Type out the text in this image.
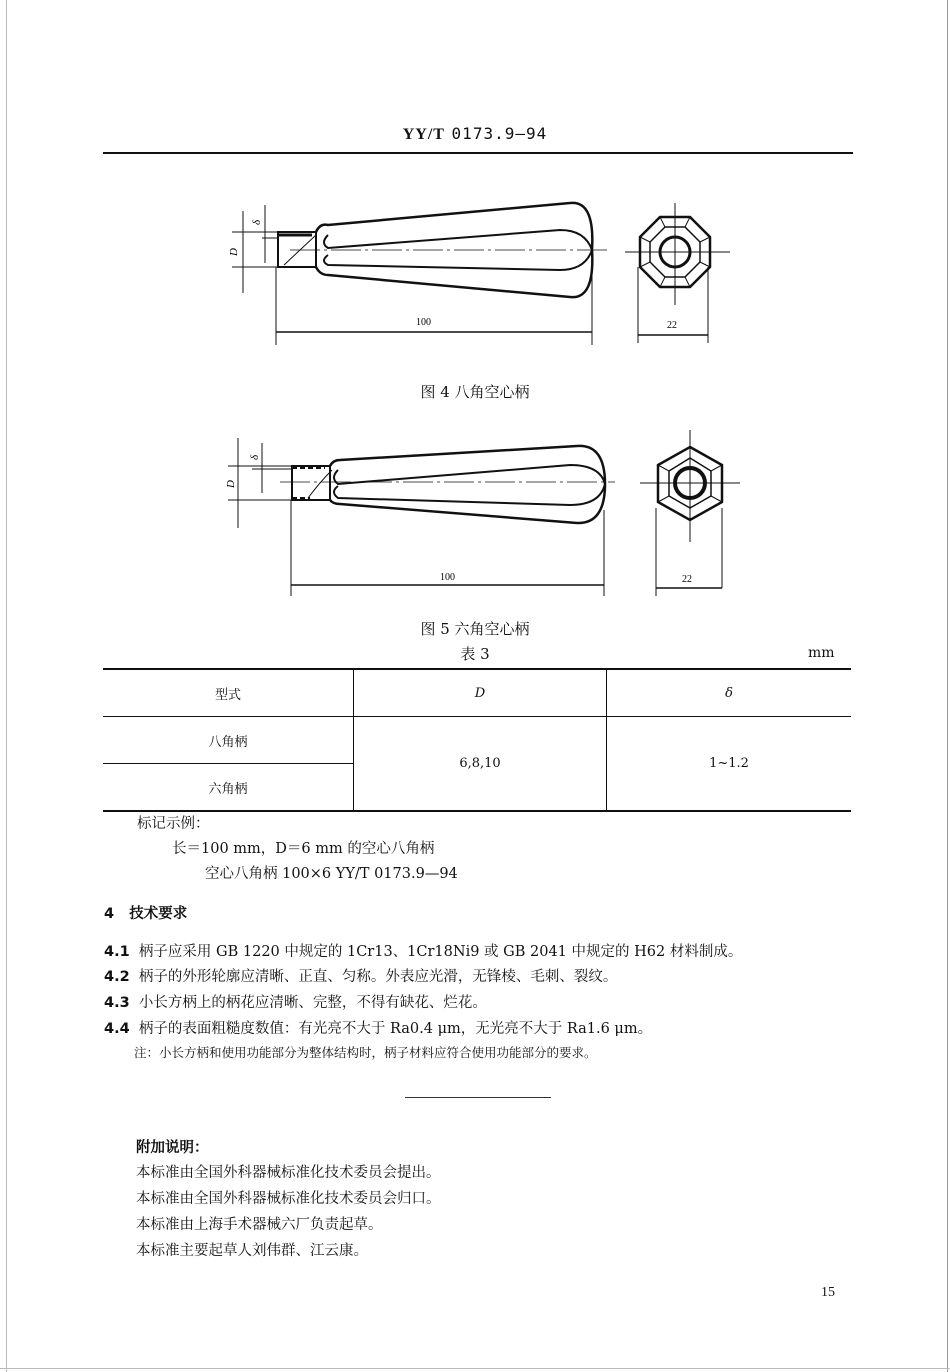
YY/T 0173.9—94
D
δ
100	22
图 4 八角空心柄
D
δ
100	22
图 5 六角空心柄
表 3	mm
型式	D	δ
八角柄	6,8,10	1~1.2
六角柄		
标记示例：
长＝100 mm，D＝6 mm 的空心八角柄
空心八角柄 100×6 YY/T 0173.9—94
4 技术要求
4.1 柄子应采用 GB 1220 中规定的 1Cr13、1Cr18Ni9 或 GB 2041 中规定的 H62 材料制成。
4.2 柄子的外形轮廓应清晰、正直、匀称。外表应光滑，无锋棱、毛刺、裂纹。
4.3 小长方柄上的柄花应清晰、完整，不得有缺花、烂花。
4.4 柄子的表面粗糙度数值：有光亮不大于 Ra0.4 μm，无光亮不大于 Ra1.6 μm。
注：小长方柄和使用功能部分为整体结构时，柄子材料应符合使用功能部分的要求。
附加说明：
本标准由全国外科器械标准化技术委员会提出。
本标准由全国外科器械标准化技术委员会归口。
本标准由上海手术器械六厂负责起草。
本标准主要起草人刘伟群、江云康。
15
